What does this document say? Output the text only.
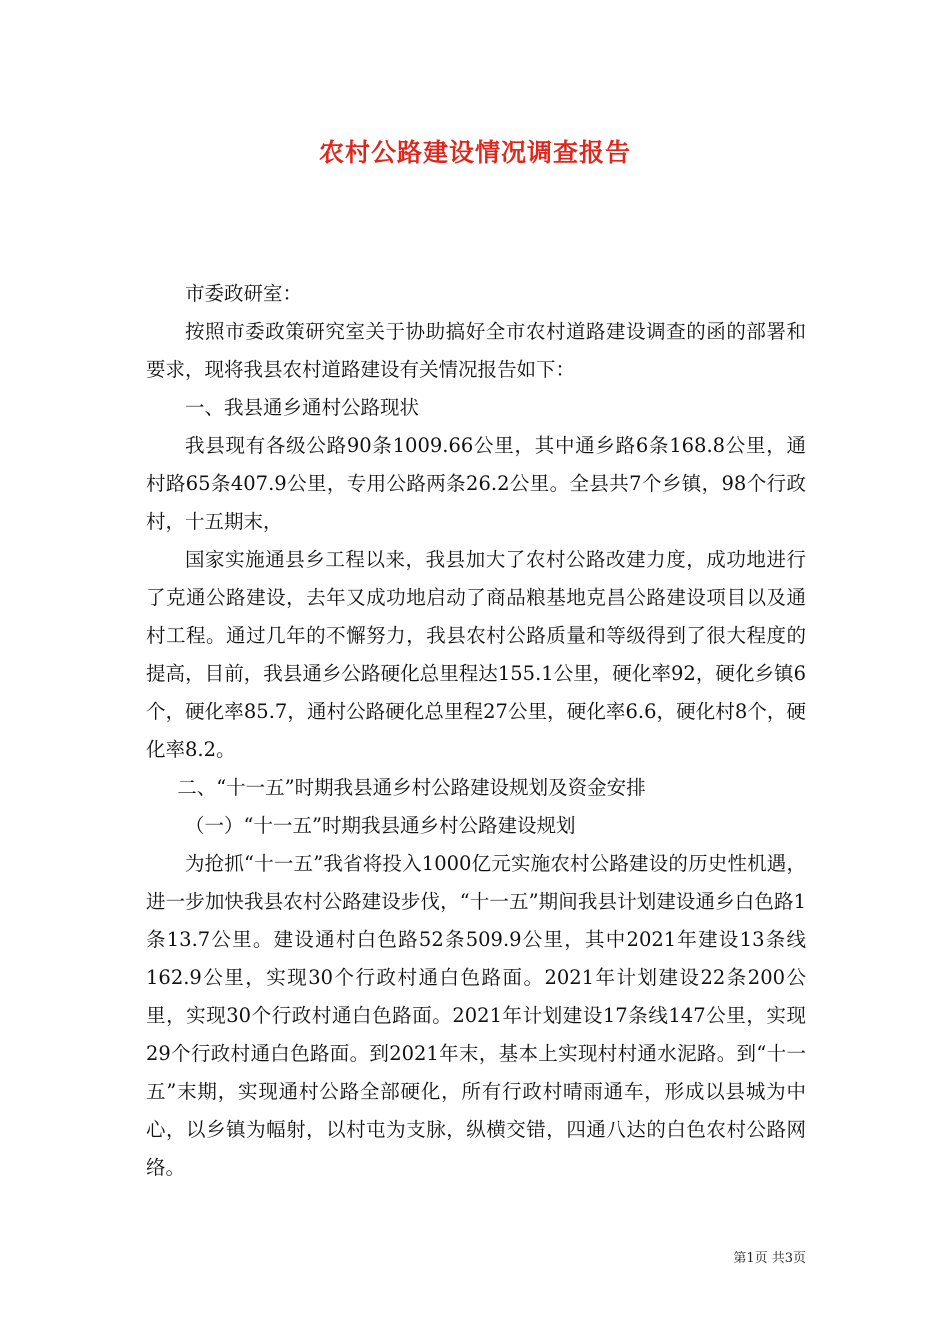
农村公路建设情况调查报告

市委政研室：

按照市委政策研究室关于协助搞好全市农村道路建设调查的函的部署和要求，现将我县农村道路建设有关情况报告如下：

一、我县通乡通村公路现状

我县现有各级公路90条1009.66公里，其中通乡路6条168.8公里，通村路65条407.9公里，专用公路两条26.2公里。全县共7个乡镇，98个行政村，十五期末，

国家实施通县乡工程以来，我县加大了农村公路改建力度，成功地进行了克通公路建设，去年又成功地启动了商品粮基地克昌公路建设项目以及通村工程。通过几年的不懈努力，我县农村公路质量和等级得到了很大程度的提高，目前，我县通乡公路硬化总里程达155.1公里，硬化率92，硬化乡镇6个，硬化率85.7，通村公路硬化总里程27公里，硬化率6.6，硬化村8个，硬化率8.2。

二、“十一五”时期我县通乡村公路建设规划及资金安排

（一）“十一五”时期我县通乡村公路建设规划

为抢抓“十一五”我省将投入1000亿元实施农村公路建设的历史性机遇，进一步加快我县农村公路建设步伐，“十一五”期间我县计划建设通乡白色路1条13.7公里。建设通村白色路52条509.9公里，其中2021年建设13条线162.9公里，实现30个行政村通白色路面。2021年计划建设22条200公里，实现30个行政村通白色路面。2021年计划建设17条线147公里，实现29个行政村通白色路面。到2021年末，基本上实现村村通水泥路。到“十一五”末期，实现通村公路全部硬化，所有行政村晴雨通车，形成以县城为中心，以乡镇为幅射，以村屯为支脉，纵横交错，四通八达的白色农村公路网络。

第1页 共3页
